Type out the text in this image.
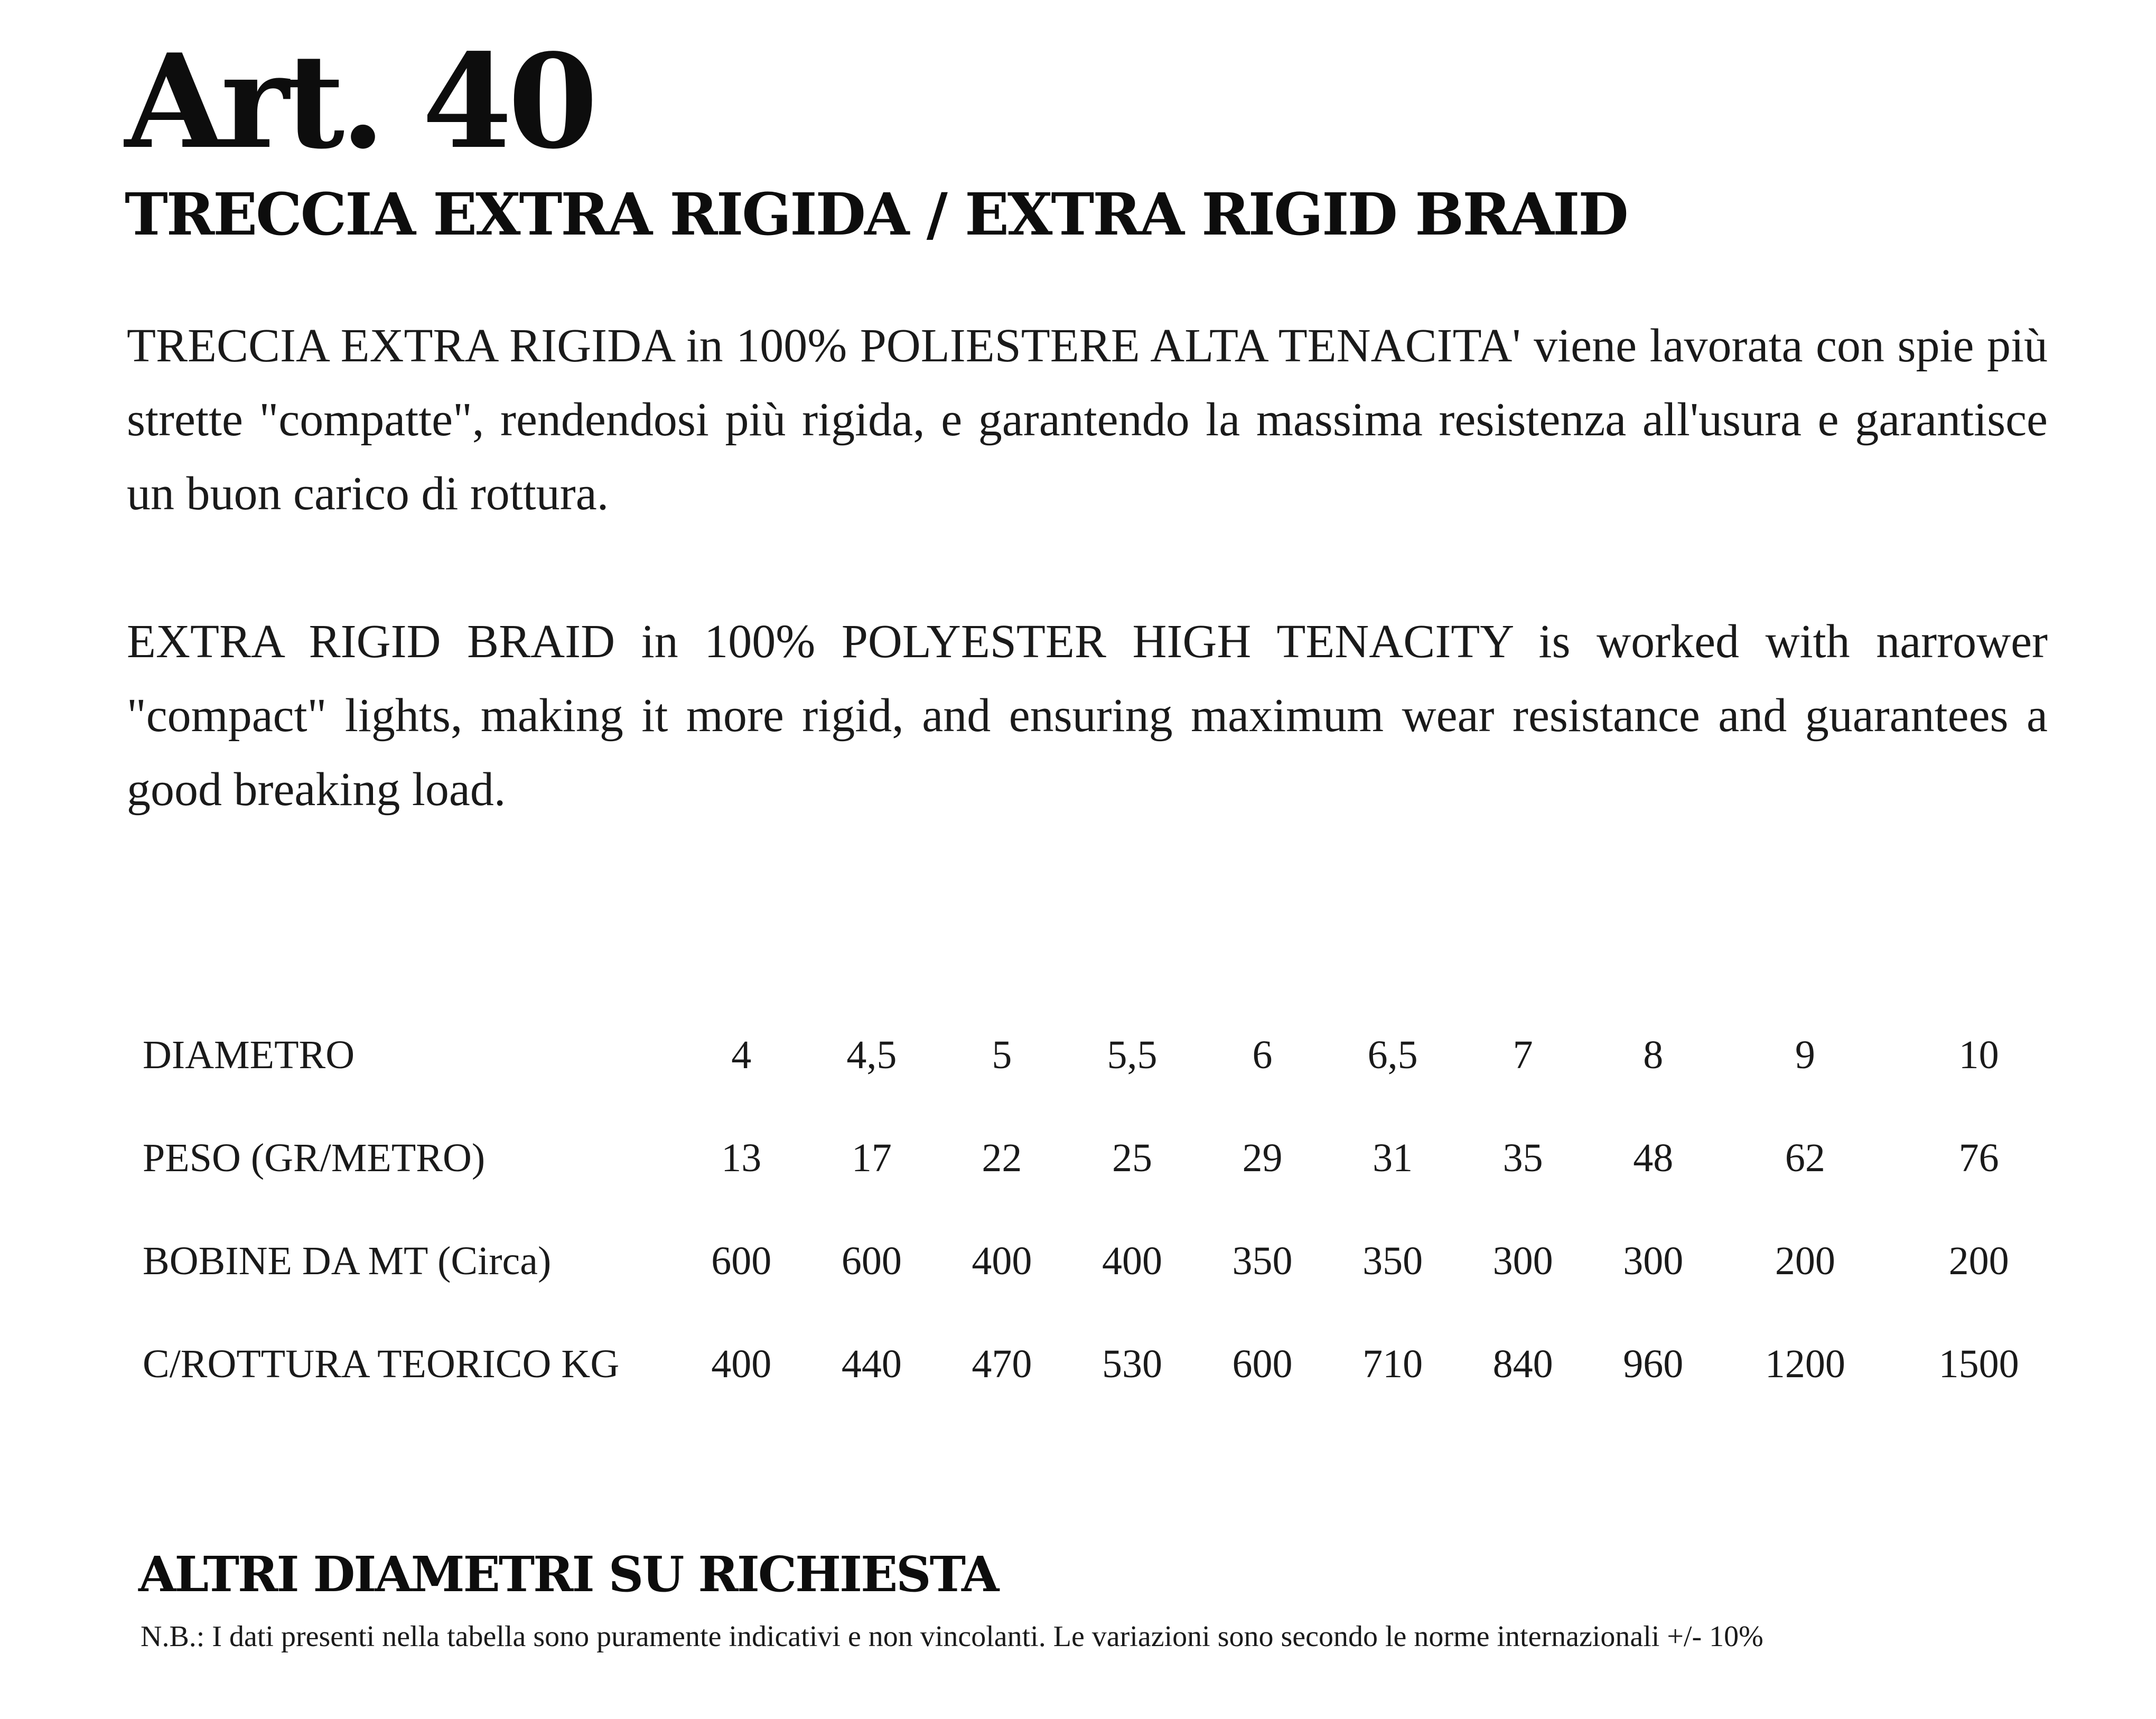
Art. 40
TRECCIA EXTRA RIGIDA / EXTRA RIGID BRAID

TRECCIA EXTRA RIGIDA in 100% POLIESTERE ALTA TENACITA' viene lavorata con spie più strette "compatte", rendendosi più rigida, e garantendo la massima resistenza all'usura e garantisce un buon carico di rottura.

EXTRA RIGID BRAID in 100% POLYESTER HIGH TENACITY is worked with narrower "compact" lights, making it more rigid, and ensuring maximum wear resistance and guarantees a good breaking load.

DIAMETRO	4	4,5	5	5,5	6	6,5	7	8	9	10
PESO (GR/METRO)	13	17	22	25	29	31	35	48	62	76
BOBINE DA MT (Circa)	600	600	400	400	350	350	300	300	200	200
C/ROTTURA TEORICO KG	400	440	470	530	600	710	840	960	1200	1500
ALTRI DIAMETRI SU RICHIESTA
N.B.: I dati presenti nella tabella sono puramente indicativi e non vincolanti. Le variazioni sono secondo le norme internazionali +/- 10%
